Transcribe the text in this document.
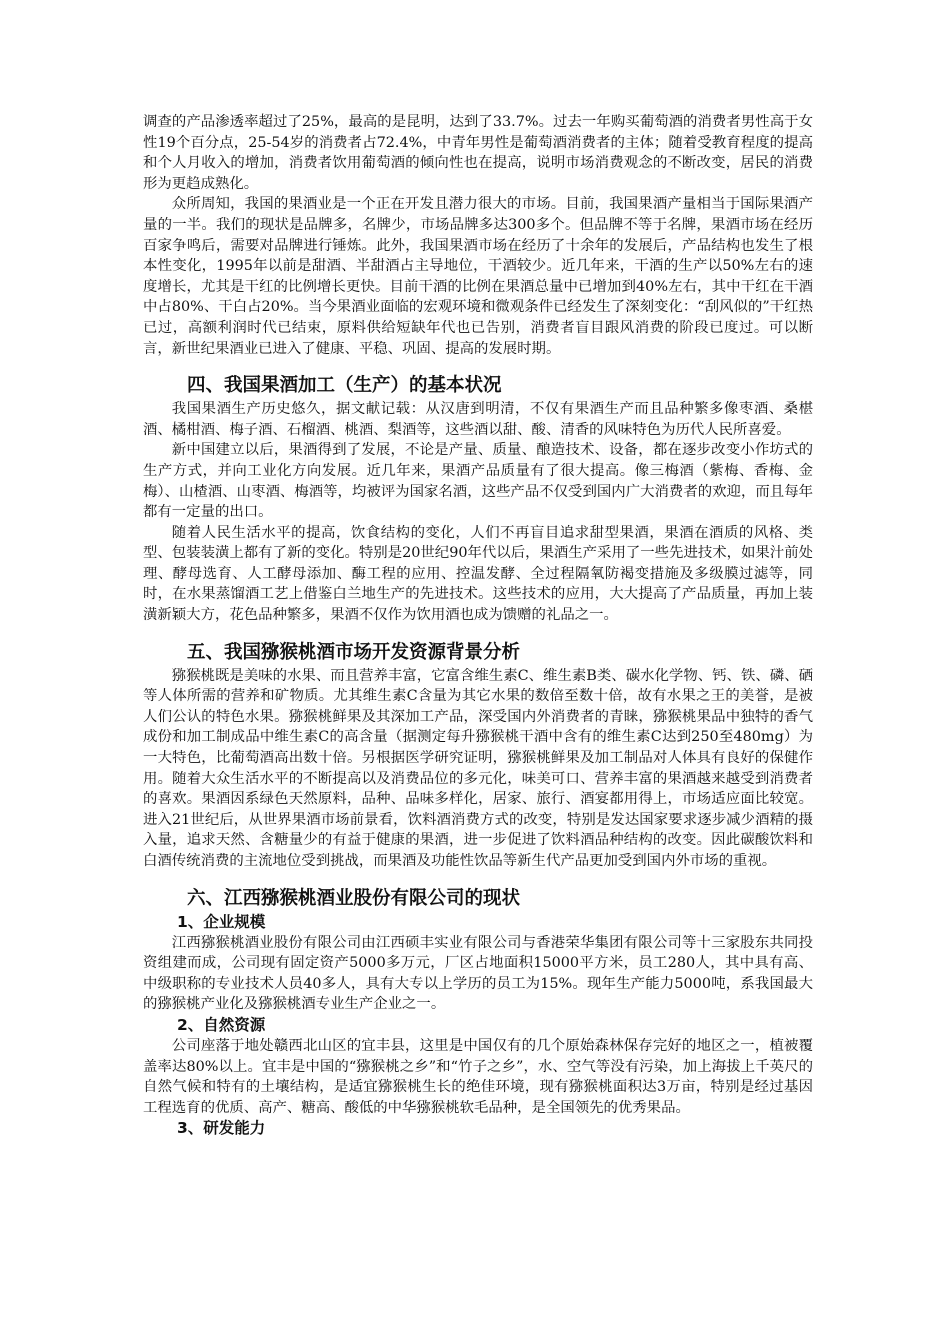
调查的产品渗透率超过了25%，最高的是昆明，达到了33.7%。过去一年购买葡萄酒的消费者男性高于女性19个百分点，25-54岁的消费者占72.4%，中青年男性是葡萄酒消费者的主体；随着受教育程度的提高和个人月收入的增加，消费者饮用葡萄酒的倾向性也在提高，说明市场消费观念的不断改变，居民的消费形为更趋成熟化。

众所周知，我国的果酒业是一个正在开发且潜力很大的市场。目前，我国果酒产量相当于国际果酒产量的一半。我们的现状是品牌多，名牌少，市场品牌多达300多个。但品牌不等于名牌，果酒市场在经历百家争鸣后，需要对品牌进行锤炼。此外，我国果酒市场在经历了十余年的发展后，产品结构也发生了根本性变化，1995年以前是甜酒、半甜酒占主导地位，干酒较少。近几年来，干酒的生产以50%左右的速度增长，尤其是干红的比例增长更快。目前干酒的比例在果酒总量中已增加到40%左右，其中干红在干酒中占80%、干白占20%。当今果酒业面临的宏观环境和微观条件已经发生了深刻变化：“刮风似的”干红热已过，高额利润时代已结束，原料供给短缺年代也已告别，消费者盲目跟风消费的阶段已度过。可以断言，新世纪果酒业已进入了健康、平稳、巩固、提高的发展时期。

四、我国果酒加工（生产）的基本状况

我国果酒生产历史悠久，据文献记载：从汉唐到明清，不仅有果酒生产而且品种繁多像枣酒、桑椹酒、橘柑酒、梅子酒、石榴酒、桃酒、梨酒等，这些酒以甜、酸、清香的风味特色为历代人民所喜爱。

新中国建立以后，果酒得到了发展，不论是产量、质量、酿造技术、设备，都在逐步改变小作坊式的生产方式，并向工业化方向发展。近几年来，果酒产品质量有了很大提高。像三梅酒（紫梅、香梅、金梅）、山楂酒、山枣酒、梅酒等，均被评为国家名酒，这些产品不仅受到国内广大消费者的欢迎，而且每年都有一定量的出口。

随着人民生活水平的提高，饮食结构的变化，人们不再盲目追求甜型果酒，果酒在酒质的风格、类型、包装装潢上都有了新的变化。特别是20世纪90年代以后，果酒生产采用了一些先进技术，如果汁前处理、酵母选育、人工酵母添加、酶工程的应用、控温发酵、全过程隔氧防褐变措施及多级膜过滤等，同时，在水果蒸馏酒工艺上借鉴白兰地生产的先进技术。这些技术的应用，大大提高了产品质量，再加上装潢新颖大方，花色品种繁多，果酒不仅作为饮用酒也成为馈赠的礼品之一。

五、我国猕猴桃酒市场开发资源背景分析

猕猴桃既是美味的水果、而且营养丰富，它富含维生素C、维生素B类、碳水化学物、钙、铁、磷、硒等人体所需的营养和矿物质。尤其维生素C含量为其它水果的数倍至数十倍，故有水果之王的美誉，是被人们公认的特色水果。猕猴桃鲜果及其深加工产品，深受国内外消费者的青睐，猕猴桃果品中独特的香气成份和加工制成品中维生素C的高含量（据测定每升猕猴桃干酒中含有的维生素C达到250至480mg）为一大特色，比葡萄酒高出数十倍。另根据医学研究证明，猕猴桃鲜果及加工制品对人体具有良好的保健作用。随着大众生活水平的不断提高以及消费品位的多元化，味美可口、营养丰富的果酒越来越受到消费者的喜欢。果酒因系绿色天然原料，品种、品味多样化，居家、旅行、酒宴都用得上，市场适应面比较宽。进入21世纪后，从世界果酒市场前景看，饮料酒消费方式的改变，特别是发达国家要求逐步减少酒精的摄入量，追求天然、含糖量少的有益于健康的果酒，进一步促进了饮料酒品种结构的改变。因此碳酸饮料和白酒传统消费的主流地位受到挑战，而果酒及功能性饮品等新生代产品更加受到国内外市场的重视。

六、江西猕猴桃酒业股份有限公司的现状
1、企业规模

江西猕猴桃酒业股份有限公司由江西硕丰实业有限公司与香港荣华集团有限公司等十三家股东共同投资组建而成，公司现有固定资产5000多万元，厂区占地面积15000平方米，员工280人，其中具有高、中级职称的专业技术人员40多人，具有大专以上学历的员工为15%。现年生产能力5000吨，系我国最大的猕猴桃产业化及猕猴桃酒专业生产企业之一。

2、自然资源

公司座落于地处赣西北山区的宜丰县，这里是中国仅有的几个原始森林保存完好的地区之一，植被覆盖率达80%以上。宜丰是中国的“猕猴桃之乡”和“竹子之乡”，水、空气等没有污染，加上海拔上千英尺的自然气候和特有的土壤结构，是适宜猕猴桃生长的绝佳环境，现有猕猴桃面积达3万亩，特别是经过基因工程选育的优质、高产、糖高、酸低的中华猕猴桃软毛品种，是全国领先的优秀果品。

3、研发能力
